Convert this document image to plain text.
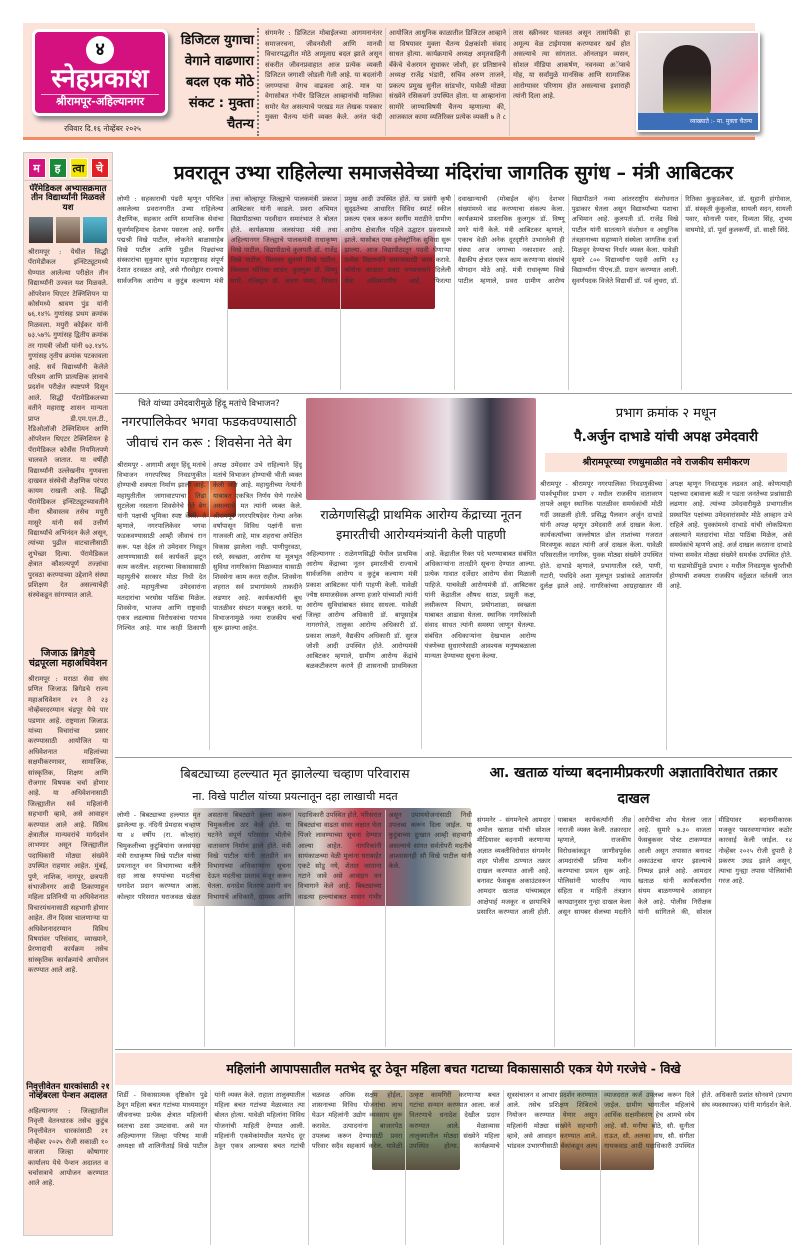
४
स्नेहप्रकाश
श्रीरामपूर-अहिल्यानगर
रविवार दि.१६ नोव्हेंबर २०२५
डिजिटल युगाचा वेगाने वाढणारा बदल एक मोठे संकट : मुक्ता चैतन्य
संगमनेर : डिजिटल मोबाईलच्या आगमनानंतर समाजरचना, जीवनशैली आणि मानवी विचारपद्धतीत मोठे आमूलाग्र बदल झाले असून संकरीत जीवनप्रवाहात आज प्रत्येक व्यक्ती डिजिटल जगाशी जोडली गेली आहे. या बदलांनी जगण्याचा वेगच वाढवला आहे. मात्र या वेगासोबत गंभीर डिजिटल आव्हानांची मालिका समोर येत असल्याचे परखड मत लेखक पत्रकार मुक्ता चैतन्य यांनी व्यक्त केले. अनंत फंदी आयोजित आधुनिक काळातील डिजिटल आव्हाने या विषयावर मुक्ता चैतन्य प्रेक्षकांशी संवाद साधत होत्या. कार्यक्रमाचे अध्यक्ष अमृतवाहिनी बँकेचे चेअरमन सुधाकर जोशी, हर प्रतिष्ठानचे अध्यक्ष राजेंद्र भंडारी, सचिव अरुण ताजने, प्रकल्प प्रमुख सुनील सांडभोर, यावेळी मोठ्या संख्येने रसिकवर्ग उपस्थित होता. या आव्हानांना सामोरे जाण्याविषयी चैतन्य म्हणाल्या की, आजकाल कामा व्यतिरिक्त प्रत्येक व्यक्ती ७ ते ८ तास स्क्रीनवर घालवत असून तासांपैकी हा अमूल्य वेळ टाईमपास करण्यावर खर्च होत असल्याचे त्या सांगतात. ऑनलाइन व्यसन, सोशल मीडिया आकर्षण, नवनव्या अॅप्सचे मोह, या सर्वांमुळे मानसिक आणि सामाजिक आरोग्यावर परिणाम होत असल्याचा इशाराही त्यांनी दिला आहे.
व्याख्याते :- मा. मुक्ता चैतन्य
म ह त्वा चे
पॅरॅमेडिकल अभ्यासक्रमात तीन विद्यार्थ्यांनी मिळवले यश
श्रीरामपूर : येथील सिद्धी पॅरामेडीकल इन्स्टिट्यूटमध्ये घेण्यात आलेल्या परीक्षेत तीन विद्यार्थ्यांनी उज्वल यश मिळवले. ऑपरेशन थिएटर टेक्निशियन या कोर्समध्ये श्रावण पुंड यांनी ७६.१४% गुणांसह प्रथम क्रमांक मिळवला. मयुरी कोईकर यांनी ७३.५७% गुणांसह द्वितीय क्रमांक तर गायत्री जोशी यांनी ७३.१४% गुणांसह तृतीय क्रमांक पटकावला आहे. सर्व विद्यार्थ्यांनी केलेले परिश्रम आणि प्रात्यक्षिक ज्ञानाचे प्रदर्शन परीक्षेत स्पष्टपणे दिसून आले. सिद्धी पॅरामेडिकलच्या वतीने महाराष्ट्र शासन मान्यता प्राप्त डी.एम.एल.टी., रेडिओलॉजी टेक्निशियन आणि ऑपरेशन थिएटर टेक्निशियन हे पॅरामेडिकल कोर्सेस नियमितपणे चालवले जातात. या वर्षीही विद्यार्थ्यांनी उल्लेखनीय गुणवत्ता दाखवत संस्थेची शैक्षणिक परंपरा कायम राखली आहे. सिद्धी पॅरामेडिकल इन्स्टिट्यूटच्यावतीने मीना श्रीवास्तव तसेच मयुरी मासुरे यांनी सर्व उत्तीर्ण विद्यार्थ्यांचे अभिनंदन केले असून, त्यांच्या पुढील वाटचालीसाठी शुभेच्छा दिल्या. पॅरामेडिकल क्षेत्रात कौशल्यपूर्ण तज्ज्ञांचा पुरवठा करण्याच्या उद्देशाने संस्था प्रशिक्षण देत असल्याचेही संस्थेकडून सांगण्यात आले.
जिजाऊ ब्रिगेडचे चंद्रपूरला महाअधिवेशन
श्रीरामपूर : मराठा सेवा संघ प्रणित जिजाऊ ब्रिगेडचे राज्य महाअधिवेशन २१ ते २३ नोव्हेंबरदरम्यान चंद्रपूर येथे पार पडणार आहे. राष्ट्रमाता जिजाऊ यांच्या विचारांचा प्रसार करण्यासाठी आयोजित या अधिवेशनात महिलांच्या सक्षमीकरणावर, सामाजिक, सांस्कृतिक, शिक्षण आणि रोजगार विषयक चर्चा होणार आहे. या अधिवेशनासाठी जिल्ह्यातील सर्व महिलांनी सहभागी व्हावे, असे आवाहन करण्यात आले आहे. विविध क्षेत्रातील मान्यवरांचे मार्गदर्शन लाभणार असून जिल्ह्यातील पदाधिकारी मोठ्या संख्येने उपस्थित राहणार आहेत. मुंबई, पुणे, नाशिक, नागपूर, छत्रपती संभाजीनगर आदी ठिकाणाहून महिला प्रतिनिधी या अधिवेशनात विचारमंथनासाठी सहभागी होणार आहेत. तीन दिवस चालणाऱ्या या अधिवेशनादरम्यान विविध विषयांवर परिसंवाद, व्याख्याने, प्रेरणादायी कार्यक्रम तसेच सांस्कृतिक कार्यक्रमांचे आयोजन करण्यात आले आहे.
निवृत्तीवेतन धारकांसाठी २१ नोव्हेंबरला पेन्शन अदालत
अहिल्यानगर : जिल्ह्यातील निवृत्ती वेतनधारक तसेच कुटुंब निवृत्तीवेतन धारकांसाठी २१ नोव्हेंबर २०२५ रोजी सकाळी १० वाजता जिल्हा कोषागार कार्यालय येथे पेन्शन अदालत व चर्चासत्राचे आयोजन करण्यात आले आहे.
प्रवरातून उभ्या राहिलेल्या समाजसेवेच्या मंदिरांचा जागतिक सुगंध – मंत्री आबिटकर
लोणी : सहकाराची पंढरी म्हणून परिचित असलेल्या प्रवरानगरीत उभ्या राहिलेल्या शैक्षणिक, सहकार आणि सामाजिक सेवांचा सुवर्णमहिमाच देशभर पसरला आहे. स्वर्गीय पद्मश्री विखे पाटील, लोकनेते बाळासाहेब विखे पाटील आणि पुढील पिढ्यांच्या संस्कारांचा सुकुमार सुगंध महाराष्ट्रासह संपूर्ण देशात दरवळत आहे, असे गौरवोद्गार राज्याचे सार्वजनिक आरोग्य व कुटुंब कल्याण मंत्री तथा कोल्हापूर जिल्ह्याचे पालकमंत्री प्रकाश आबिटकर यांनी काढले. प्रवरा अभिमत विद्यापीठाच्या पदवीदान समारंभात ते बोलत होते. कार्यक्रमास जलसंपदा मंत्री तथा अहिल्यानगर जिल्ह्याचे पालकमंत्री राधाकृष्ण विखे पाटील, विद्यापीठाचे कुलपती डॉ. राजेंद्र विखे पाटील, विश्वस्त सुवर्णा विखे पाटील, विश्वस्त मोनिका सावंत, कुलगुरू डॉ. विष्णू मगरे, रजिस्ट्रार डॉ. अरुण पवार, विभाग प्रमुख आदी उपस्थित होते. या प्रसंगी कृषी सुदृढतेच्या आधारित विविध स्मार्ट स्कील प्रकल्प एकत्र करून स्वर्गीय मराठीने ग्रामीण आरोग्य क्षेत्रातील पहिले उद्घाटन प्रवरामध्ये झाले. यासोबत एम्स इलेक्ट्रॉनिक सुविधा सुरू झाल्या. आज विद्यापीठातून पदवी घेणाऱ्या प्रत्येक विद्यार्थ्याने समाजासाठी काम करावे. कोरोना काळात प्रवरा रुग्णालयाने दिलेली सेवा अविस्मरणीय आहे. फिरत्या दवाखान्याची (मोबाईल व्हॅन) देशभर संख्यांमध्ये वाढ करण्याचा संकल्प केला. कार्यक्रमाचे प्रास्ताविक कुलगुरू डॉ. विष्णू मगरे यांनी केले. मंत्री आबिटकर म्हणाले, एकाच वेळी अनेक दूरदृष्टीने उभारलेली ही संस्था आज जगाच्या नकाशावर आहे. वैद्यकीय क्षेत्रात एकत्र काम करणाऱ्या संस्थांचे योगदान मोठे आहे. मंत्री राधाकृष्ण विखे पाटील म्हणाले, प्रवरा ग्रामीण आरोग्य विद्यापीठाने नव्या आंतरराष्ट्रीय संशोधनात पुढाकार घेतला असून विद्यार्थ्यांच्या यशाचा अभिमान आहे. कुलपती डॉ. राजेंद्र विखे पाटील यांनी सातत्याने संशोधन व आधुनिक तंत्रज्ञानाच्या सहाय्याने संस्थेला जागतिक दर्जा मिळवून देण्याचा निर्धार व्यक्त केला. यावेळी सुमारे ८०० विद्यार्थ्यांना पदवी आणि १३ विद्यार्थ्यांना पीएच.डी. प्रदान करण्यात आली. सुवर्णपदक विजेते विद्यार्थी डॉ. पर्व लुथरा, डॉ. रितिका कुकुडलेकर, डॉ. सुहानी हांगोवाल, डॉ. संस्कृती कुंकुलोळ, सायली सदन, सायली पवार, सोनाली पवार, दिव्यता सिंह, शुभम वाघमोडे, डॉ. पूर्वा कुलकर्णी, डॉ. साक्षी सिंदे.
चिते यांच्या उमेदवारीमुळे हिंदू मतांचे विभाजन?
नगरपालिकेवर भगवा फडकवण्यासाठी जीवाचं रान करू : शिवसेना नेते बेग
श्रीरामपूर - आगामी असून हिंदू मतांचे विभाजन नगरपरिषद निवडणुकीत होण्याची शक्यता निर्माण झाली आहे. महायुतीतील जागावाटपाचा तिढा सुटलेला नसताना शिवसेनेचे नेते बेग यांनी पक्षाची भूमिका स्पष्ट केली. ते म्हणाले, नगरपालिकेवर भगवा फडकवण्यासाठी आम्ही जीवाचं रान करू. पक्ष देईल तो उमेदवार निवडून आणण्यासाठी सर्व कार्यकर्ते झटून काम करतील. शहराच्या विकासासाठी महायुतीचे सरकार मोठा निधी देत आहे. महायुतीच्या उमेदवारांना मतदारांचा भरघोस पाठिंबा मिळेल. शिवसेना, भाजपा आणि राष्ट्रवादी एकत्र लढल्यास विरोधकांचा पराभव निश्चित आहे. मात्र काही ठिकाणी अपक्ष उमेदवार उभे राहिल्याने हिंदू मतांचे विभाजन होण्याची भीती व्यक्त केली जात आहे. महायुतीच्या नेत्यांनी याबाबत एकत्रित निर्णय घेणे गरजेचे असल्याचे मत त्यांनी व्यक्त केले. श्रीरामपूर नगरपरिषदेवर गेल्या अनेक वर्षांपासून विविध पक्षांनी सत्ता गाजवली आहे, मात्र शहराचा अपेक्षित विकास झालेला नाही. पाणीपुरवठा, रस्ते, स्वच्छता, आरोग्य या मूलभूत सुविधा नागरिकांना मिळाव्यात यासाठी शिवसेना काम करत राहील. शिवसेना शहरात सर्व प्रभागांमध्ये ताकदीने लढणार आहे. कार्यकर्त्यांनी बूथ पातळीवर संघटन मजबूत करावे. या विभाजनामुळे नव्या राजकीय चर्चा सुरू झाल्या आहेत.
राळेगणसिद्धी प्राथमिक आरोग्य केंद्राच्या नूतन इमारतीची आरोग्यमंत्र्यांनी केली पाहणी
अहिल्यानगर : राळेगणसिद्धी येथील प्राथमिक आरोग्य केंद्राच्या नूतन इमारतीची राज्याचे सार्वजनिक आरोग्य व कुटुंब कल्याण मंत्री प्रकाश आबिटकर यांनी पाहणी केली. यावेळी ज्येष्ठ समाजसेवक अण्णा हजारे यांच्याशी त्यांनी आरोग्य सुविधांबाबत संवाद साधला. यावेळी जिल्हा आरोग्य अधिकारी डॉ. बापूसाहेब नागरगोजे, तालुका आरोग्य अधिकारी डॉ. प्रकाश लाळगे, वैद्यकीय अधिकारी डॉ. सुरज जोशी आदी उपस्थित होते. आरोग्यमंत्री आबिटकर म्हणाले, ग्रामीण आरोग्य केंद्रांचे बळकटीकरण करणे ही शासनाची प्राथमिकता आहे. केंद्रातील रिक्त पदे भरण्याबाबत संबंधित अधिकाऱ्यांना तातडीने सूचना देण्यात आल्या. प्रत्येक गावात दर्जेदार आरोग्य सेवा मिळाली पाहिजे. याचवेळी आरोग्यमंत्री डॉ. आबिटकर यांनी केंद्रातील औषध साठा, प्रसूती कक्ष, लसीकरण विभाग, प्रयोगशाळा, स्वच्छता याबाबत आढावा घेतला. स्थानिक नागरिकांशी संवाद साधत त्यांनी समस्या जाणून घेतल्या. संबंधित अधिकाऱ्यांना देखभाल आरोग्य यंत्रणेच्या सुधारणेसाठी आवश्यक मनुष्यबळाला मान्यता देण्याच्या सूचना केल्या.
प्रभाग क्रमांक २ मधून
पै.अर्जुन दाभाडे यांची अपक्ष उमेदवारी
श्रीरामपूरच्या रणधुमाळीत नवे राजकीय समीकरण
श्रीरामपूर - श्रीरामपूर नगरपालिका निवडणुकीच्या पार्श्वभूमीवर प्रभाग २ मधील राजकीय वातावरण तापले असून स्थानिक पातळीवर समर्थकांची मोठी गर्दी उसळली होती. प्रसिद्ध पैलवान अर्जुन दाभाडे यांनी अपक्ष म्हणून उमेदवारी अर्ज दाखल केला. कार्यकर्त्यांच्या जल्लोषात ढोल ताशांच्या गजरात मिरवणूक काढत त्यांनी अर्ज दाखल केला. यावेळी परिसरातील नागरिक, युवक मोठ्या संख्येने उपस्थित होते. दाभाडे म्हणाले, प्रभागातील रस्ते, पाणी, गटारी, पथदिवे अशा मूलभूत प्रश्नांकडे आतापर्यंत दुर्लक्ष झाले आहे. नागरिकांच्या आग्रहाखातर मी अपक्ष म्हणून निवडणूक लढवत आहे. कोणत्याही पक्षाच्या दबावाला बळी न पडता जनतेच्या प्रश्नांसाठी लढणार आहे. त्यांच्या उमेदवारीमुळे प्रभागातील प्रस्थापित पक्षांच्या उमेदवारांसमोर मोठे आव्हान उभे राहिले आहे. युवकांमध्ये दाभाडे यांची लोकप्रियता असल्याने मतदारांचा मोठा पाठिंबा मिळेल, असे समर्थकांचे म्हणणे आहे. अर्ज दाखल करताना दाभाडे यांच्या समवेत मोठ्या संख्येने समर्थक उपस्थित होते. या घडामोडींमुळे प्रभाग २ मधील निवडणूक चुरशीची होण्याची शक्यता राजकीय वर्तुळात वर्तवली जात आहे.
बिबट्याच्या हल्ल्यात मृत झालेल्या चव्हाण परिवारास
ना. विखे पाटील यांच्या प्रयत्नातून दहा लाखाची मदत
लोणी - बिबट्याच्या हल्ल्यात मृत झालेल्या कु. नंदिनी प्रेमदास चव्हाण या ४ वर्षीय (रा. कोल्हार) चिमुकलीच्या कुटुंबियांना जलसंपदा मंत्री राधाकृष्ण विखे पाटील यांच्या प्रयत्नातून वन विभागाच्या वतीने दहा लाख रुपयांच्या मदतीचा धनादेश प्रदान करण्यात आला. कोल्हार परिसरात घराजवळ खेळत असताना बिबट्याने हल्ला करून चिमुकलीला ठार केले होते. या घटनेने संपूर्ण परिसरात भीतीचे वातावरण निर्माण झाले होते. मंत्री विखे पाटील यांनी तातडीने वन विभागाच्या अधिकाऱ्यांना सूचना देऊन मदतीचा प्रस्ताव मंजूर करून घेतला. धनादेश वितरण प्रसंगी वन विभागाचे अधिकारी, ग्रामस्थ आणि पदाधिकारी उपस्थित होते. परिसरात बिबट्यांचा वाढता वावर लक्षात घेता पिंजरे लावण्याच्या सूचना देण्यात आल्या आहेत. नागरिकांनी सायंकाळच्या वेळी मुलांना घराबाहेर एकटे सोडू नये, शेतात जाताना गटाने जावे असे आवाहन वन विभागाने केले आहे. बिबट्याच्या वाढत्या हल्ल्यांबाबत शासन गंभीर असून उपाययोजनांसाठी निधी उपलब्ध करून दिला जाईल. या कुटुंबाच्या दुःखात आम्ही सहभागी असल्याचे सांगत सर्वतोपरी मदतीचे आश्वासनही सौ विखे पाटील यांनी केले.
आ. खताळ यांच्या बदनामीप्रकरणी अज्ञाताविरोधात तक्रार दाखल
संगमनेर - संगमनेरचे आमदार अमोल खताळ यांची सोशल मीडियावर बदनामी करणाऱ्या अज्ञात व्यक्तीविरोधात संगमनेर शहर पोलीस ठाण्यात तक्रार दाखल करण्यात आली आहे. बनावट फेसबुक अकाउंटवरून आमदार खताळ यांच्याबद्दल आक्षेपार्ह मजकूर व छायाचित्रे प्रसारित करण्यात आली होती. याबाबत कार्यकर्त्यांनी तीव्र नाराजी व्यक्त केली. तक्रारदार म्हणाले, राजकीय विरोधकांकडून जाणीवपूर्वक आमदारांची प्रतिमा मलीन करण्याचा प्रयत्न सुरू आहे. पोलिसांनी भारतीय न्याय संहिता व माहिती तंत्रज्ञान कायद्यानुसार गुन्हा दाखल केला असून सायबर सेलच्या मदतीने आरोपीचा शोध घेतला जात आहे. सुमारे ७.३० वाजता फेसबुकवर पोस्ट टाकण्यात आली असून तपासात बनावट अकाउंटचा वापर झाल्याचे निष्पन्न झाले आहे. आमदार खताळ यांनी कार्यकर्त्यांना संयम बाळगण्याचे आवाहन केले आहे. पोलीस निरीक्षक यांनी सांगितले की, सोशल मीडियावर बदनामीकारक मजकूर पसरवणाऱ्यांवर कठोर कारवाई केली जाईल. १४ नोव्हेंबर २०२५ रोजी दुपारी हे प्रकरण उघड झाले असून, त्याचा गुन्ह्या तपास पोलिसांची गरज आहे.
महिलांनी आपापसातील मतभेद दूर ठेवून महिला बचत गटाच्या विकासासाठी एकत्र येणे गरजेचे - विखे
शिर्डी - विकासात्मक दृष्टिकोन पुढे ठेवून महिला बचत गटांच्या माध्यमातून जीवनाच्या प्रत्येक क्षेत्रात महिलांनी स्वतःचा ठसा उमटवावा. असे मत अहिल्यानगर जिल्हा परिषद माजी अध्यक्षा सौ शालिनीताई विखे पाटील यांनी व्यक्त केले. राहाता तालुक्यातील महिला बचत गटांच्या मेळाव्यात त्या बोलत होत्या. यावेळी महिलांना विविध योजनांची माहिती देण्यात आली. महिलांनी एकमेकांमधील मतभेद दूर ठेवून एकत्र आल्यास बचत गटांची चळवळ अधिक सक्षम होईल. शासनाच्या विविध योजनांचा लाभ घेऊन महिलांनी उद्योग व्यवसाय सुरू करावेत. उत्पादनांना बाजारपेठ उपलब्ध करून देण्यासाठी प्रवरा परिवार सदैव सहकार्य करेल. यावेळी उत्कृष्ट कामगिरी करणाऱ्या बचत गटांचा सन्मान करण्यात आला. कर्ज वितरणाचे धनादेश देखील प्रदान करण्यात आले. मेळाव्यास तालुक्यातील मोठ्या संख्येने महिला उपस्थित होत्या. कार्यक्रमाचे सूत्रसंचालन व आभार प्रदर्शन करण्यात आले. तसेच प्रशिक्षण शिबिराचे नियोजन करण्यात येणार असून महिलांनी मोठ्या संख्येने सहभागी व्हावे, असे आवाहन करण्यात आले. भांडवल उभारणीसाठी बँकांकडून अल्प व्याजदरात कर्ज उपलब्ध करून दिले जाईल. ग्रामीण भागातील महिलांचे आर्थिक सक्षमीकरण हेच आमचे ध्येय आहे. सौ. मनीषा बोठे, सौ. सुनीता राऊत, सौ. अलका वाघ, सौ. संगीता गायकवाड आदी पदाधिकारी उपस्थित होते. अधिकारी प्रशांत सोनवणे (प्रभाग संघ व्यवस्थापक) यांनी मार्गदर्शन केले.
